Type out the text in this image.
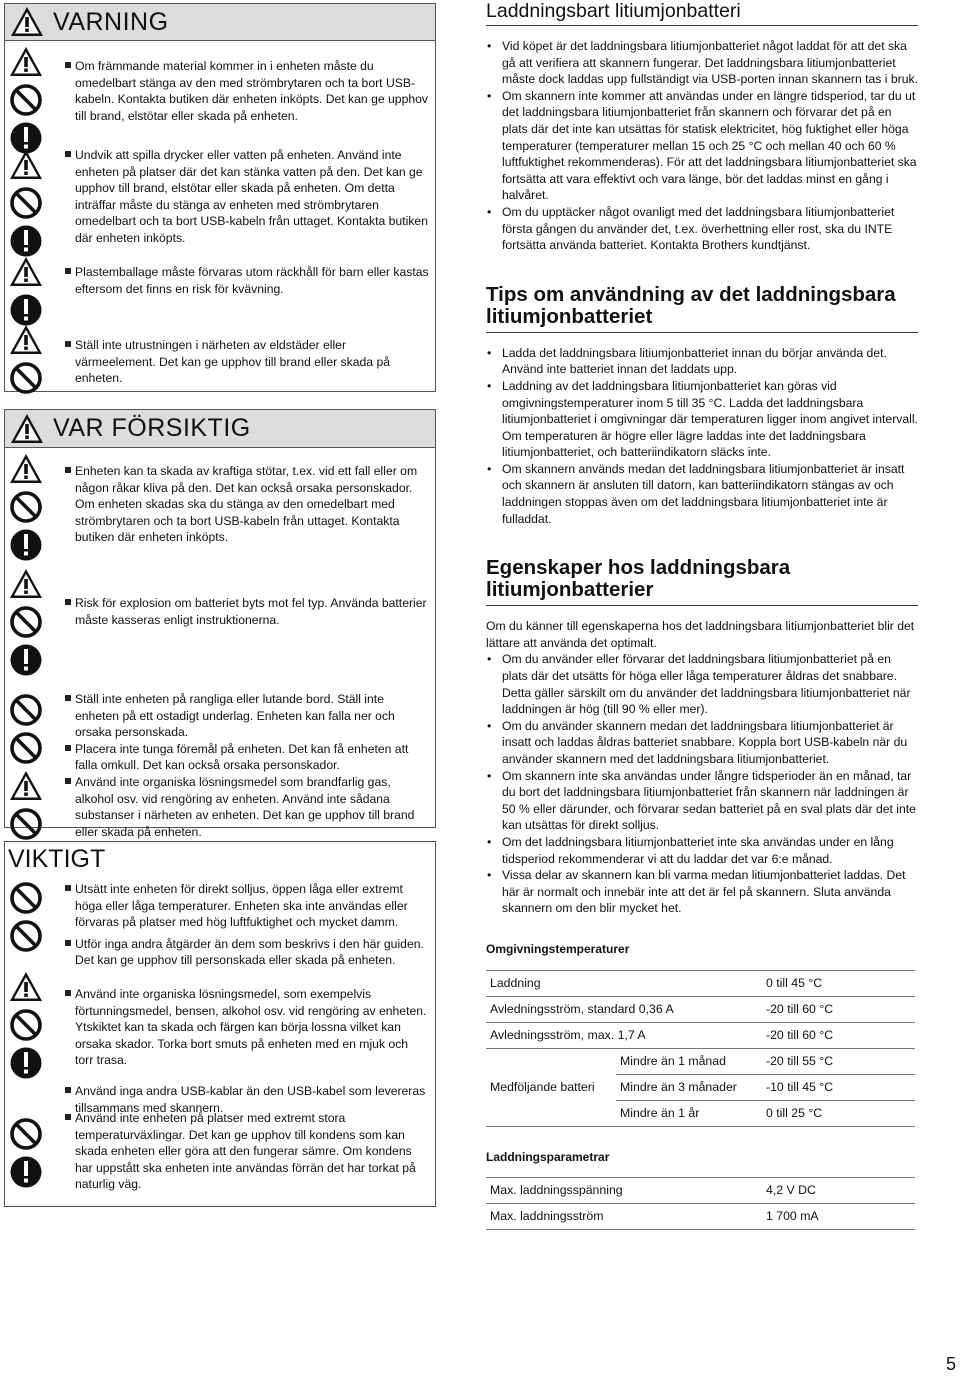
VARNING
Om främmande material kommer in i enheten måste du omedelbart stänga av den med strömbrytaren och ta bort USB-kabeln. Kontakta butiken där enheten inköpts. Det kan ge upphov till brand, elstötar eller skada på enheten.
Undvik att spilla drycker eller vatten på enheten. Använd inte enheten på platser där det kan stänka vatten på den. Det kan ge upphov till brand, elstötar eller skada på enheten. Om detta inträffar måste du stänga av enheten med strömbrytaren omedelbart och ta bort USB-kabeln från uttaget. Kontakta butiken där enheten inköpts.
Plastemballage måste förvaras utom räckhåll för barn eller kastas eftersom det finns en risk för kvävning.
Ställ inte utrustningen i närheten av eldstäder eller värmeelement. Det kan ge upphov till brand eller skada på enheten.
VAR FÖRSIKTIG
Enheten kan ta skada av kraftiga stötar, t.ex. vid ett fall eller om någon råkar kliva på den. Det kan också orsaka personskador. Om enheten skadas ska du stänga av den omedelbart med strömbrytaren och ta bort USB-kabeln från uttaget. Kontakta butiken där enheten inköpts.
Risk för explosion om batteriet byts mot fel typ. Använda batterier måste kasseras enligt instruktionerna.
Ställ inte enheten på rangliga eller lutande bord. Ställ inte enheten på ett ostadigt underlag. Enheten kan falla ner och orsaka personskada.
Placera inte tunga föremål på enheten. Det kan få enheten att falla omkull. Det kan också orsaka personskador.
Använd inte organiska lösningsmedel som brandfarlig gas, alkohol osv. vid rengöring av enheten. Använd inte sådana substanser i närheten av enheten. Det kan ge upphov till brand eller skada på enheten.
VIKTIGT
Utsätt inte enheten för direkt solljus, öppen låga eller extremt höga eller låga temperaturer. Enheten ska inte användas eller förvaras på platser med hög luftfuktighet och mycket damm.
Utför inga andra åtgärder än dem som beskrivs i den här guiden. Det kan ge upphov till personskada eller skada på enheten.
Använd inte organiska lösningsmedel, som exempelvis förtunningsmedel, bensen, alkohol osv. vid rengöring av enheten. Ytskiktet kan ta skada och färgen kan börja lossna vilket kan orsaka skador. Torka bort smuts på enheten med en mjuk och torr trasa.
Använd inga andra USB-kablar än den USB-kabel som levereras tillsammans med skannern.
Använd inte enheten på platser med extremt stora temperaturväxlingar. Det kan ge upphov till kondens som kan skada enheten eller göra att den fungerar sämre. Om kondens har uppstått ska enheten inte användas förrän det har torkat på naturlig väg.
Laddningsbart litiumjonbatteri
• Vid köpet är det laddningsbara litiumjonbatteriet något laddat för att det ska gå att verifiera att skannern fungerar. Det laddningsbara litiumjonbatteriet måste dock laddas upp fullständigt via USB-porten innan skannern tas i bruk.
• Om skannern inte kommer att användas under en längre tidsperiod, tar du ut det laddningsbara litiumjonbatteriet från skannern och förvarar det på en plats där det inte kan utsättas för statisk elektricitet, hög fuktighet eller höga temperaturer (temperaturer mellan 15 och 25 °C och mellan 40 och 60 % luftfuktighet rekommenderas). För att det laddningsbara litiumjonbatteriet ska fortsätta att vara effektivt och vara länge, bör det laddas minst en gång i halvåret.
• Om du upptäcker något ovanligt med det laddningsbara litiumjonbatteriet första gången du använder det, t.ex. överhettning eller rost, ska du INTE fortsätta använda batteriet. Kontakta Brothers kundtjänst.
Tips om användning av det laddningsbara litiumjonbatteriet
• Ladda det laddningsbara litiumjonbatteriet innan du börjar använda det. Använd inte batteriet innan det laddats upp.
• Laddning av det laddningsbara litiumjonbatteriet kan göras vid omgivningstemperaturer inom 5 till 35 °C. Ladda det laddningsbara litiumjonbatteriet i omgivningar där temperaturen ligger inom angivet intervall. Om temperaturen är högre eller lägre laddas inte det laddningsbara litiumjonbatteriet, och batteriindikatorn släcks inte.
• Om skannern används medan det laddningsbara litiumjonbatteriet är insatt och skannern är ansluten till datorn, kan batteriindikatorn stängas av och laddningen stoppas även om det laddningsbara litiumjonbatteriet inte är fulladdat.
Egenskaper hos laddningsbara litiumjonbatterier

Om du känner till egenskaperna hos det laddningsbara litiumjonbatteriet blir det lättare att använda det optimalt.

• Om du använder eller förvarar det laddningsbara litiumjonbatteriet på en plats där det utsätts för höga eller låga temperaturer åldras det snabbare. Detta gäller särskilt om du använder det laddningsbara litiumjonbatteriet när laddningen är hög (till 90 % eller mer).
• Om du använder skannern medan det laddningsbara litiumjonbatteriet är insatt och laddas åldras batteriet snabbare. Koppla bort USB-kabeln när du använder skannern med det laddningsbara litiumjonbatteriet.
• Om skannern inte ska användas under långre tidsperioder än en månad, tar du bort det laddningsbara litiumjonbatteriet från skannern när laddningen är 50 % eller därunder, och förvarar sedan batteriet på en sval plats där det inte kan utsättas för direkt solljus.
• Om det laddningsbara litiumjonbatteriet inte ska användas under en lång tidsperiod rekommenderar vi att du laddar det var 6:e månad.
• Vissa delar av skannern kan bli varma medan litiumjonbatteriet laddas. Det här är normalt och innebär inte att det är fel på skannern. Sluta använda skannern om den blir mycket het.
Omgivningstemperaturer
Laddning		0 till 45 °C
Avledningsström, standard 0,36 A		-20 till 60 °C
Avledningsström, max. 1,7 A		-20 till 60 °C
Medföljande batteri	Mindre än 1 månad	-20 till 55 °C
	Mindre än 3 månader	-10 till 45 °C
	Mindre än 1 år	0 till 25 °C
Laddningsparametrar
Max. laddningsspänning	4,2 V DC
Max. laddningsström	1 700 mA
5
